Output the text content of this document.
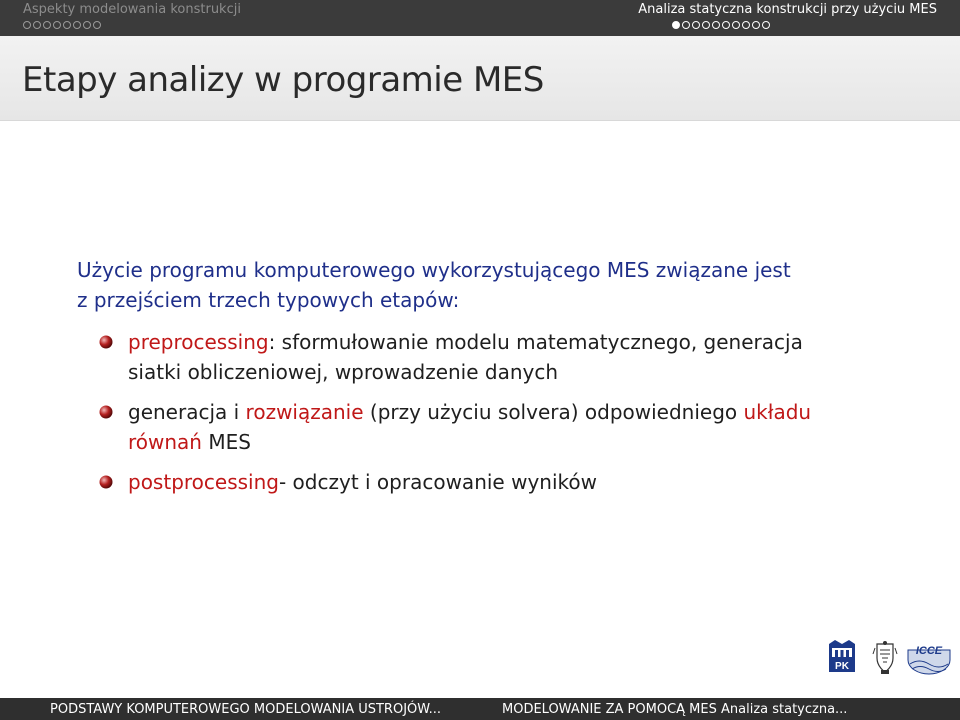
Aspekty modelowania konstrukcji	Analiza statyczna konstrukcji przy użyciu MES
Etapy analizy w programie MES

Użycie programu komputerowego wykorzystującego MES związane jest
z przejściem trzech typowych etapów:

preprocessing: sformułowanie modelu matematycznego, generacja
siatki obliczeniowej, wprowadzenie danych
generacja i rozwiązanie (przy użyciu solvera) odpowiedniego układu
równań MES
postprocessing- odczyt i opracowanie wyników
PK
ICCE
PODSTAWY KOMPUTEROWEGO MODELOWANIA USTROJÓW...	MODELOWANIE ZA POMOCĄ MES Analiza statyczna...
